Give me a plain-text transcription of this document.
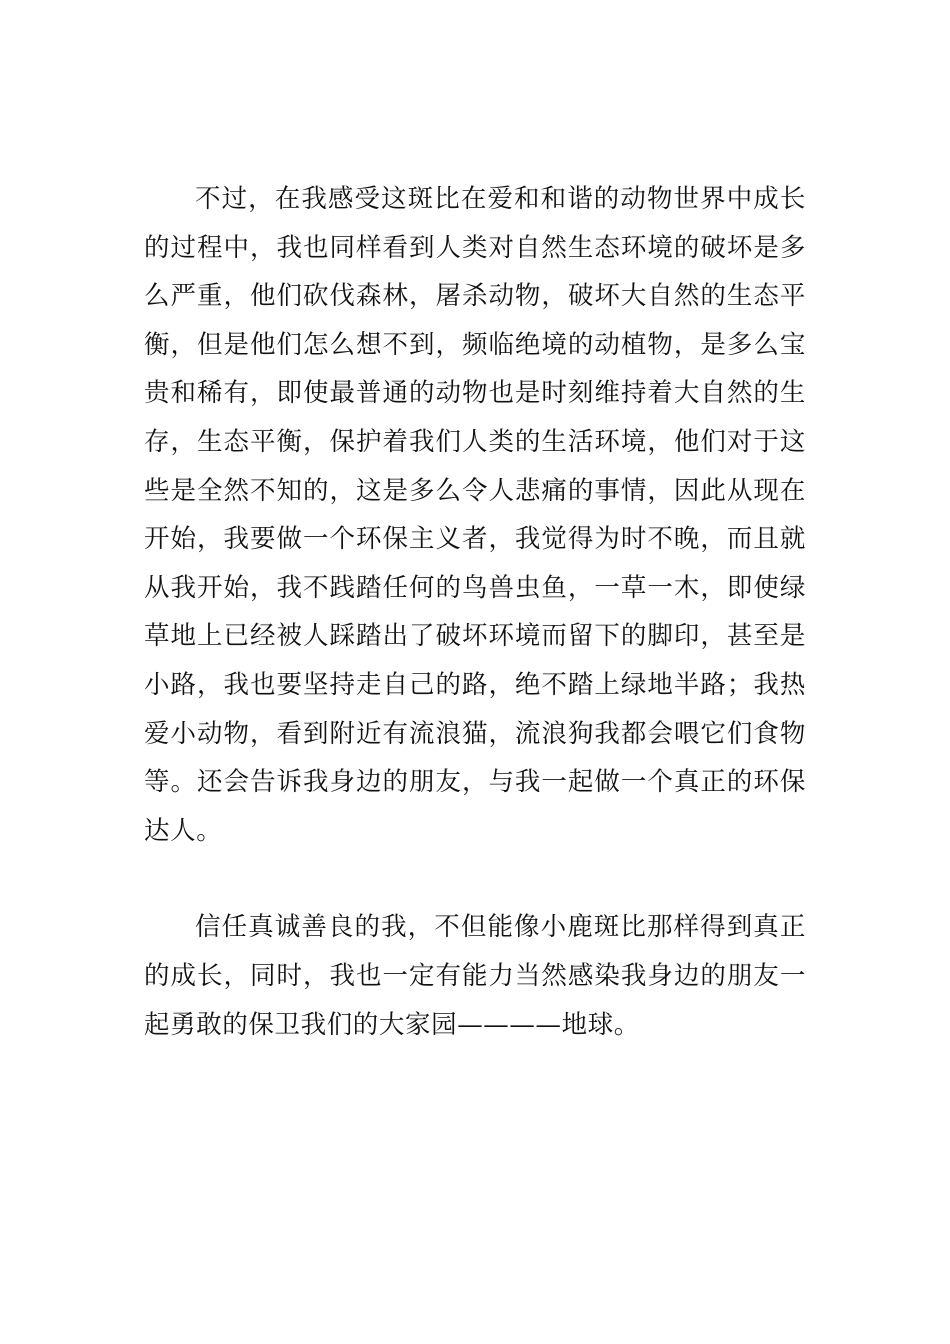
不过，在我感受这斑比在爱和和谐的动物世界中成长的过程中，我也同样看到人类对自然生态环境的破坏是多么严重，他们砍伐森林，屠杀动物，破坏大自然的生态平衡，但是他们怎么想不到，频临绝境的动植物，是多么宝贵和稀有，即使最普通的动物也是时刻维持着大自然的生存，生态平衡，保护着我们人类的生活环境，他们对于这些是全然不知的，这是多么令人悲痛的事情，因此从现在开始，我要做一个环保主义者，我觉得为时不晚，而且就从我开始，我不践踏任何的鸟兽虫鱼，一草一木，即使绿草地上已经被人踩踏出了破坏环境而留下的脚印，甚至是小路，我也要坚持走自己的路，绝不踏上绿地半路；我热爱小动物，看到附近有流浪猫，流浪狗我都会喂它们食物等。还会告诉我身边的朋友，与我一起做一个真正的环保达人。

信任真诚善良的我，不但能像小鹿斑比那样得到真正的成长，同时，我也一定有能力当然感染我身边的朋友一起勇敢的保卫我们的大家园————地球。
